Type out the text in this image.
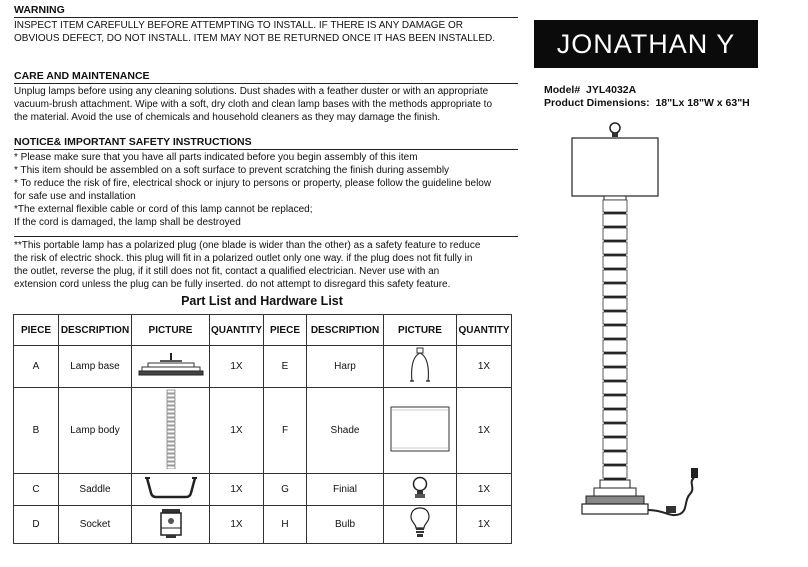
WARNING
INSPECT ITEM CAREFULLY BEFORE ATTEMPTING TO INSTALL. IF THERE IS ANY DAMAGE OR
OBVIOUS DEFECT, DO NOT INSTALL. ITEM MAY NOT BE RETURNED ONCE IT HAS BEEN INSTALLED.
CARE AND MAINTENANCE
Unplug lamps before using any cleaning solutions. Dust shades with a feather duster or with an appropriate
vacuum-brush attachment. Wipe with a soft, dry cloth and clean lamp bases with the methods appropriate to
the material. Avoid the use of chemicals and household cleaners as they may damage the finish.
NOTICE& IMPORTANT SAFETY INSTRUCTIONS
* Please make sure that you have all parts indicated before you begin assembly of this item
* This item should be assembled on a soft surface to prevent scratching the finish during assembly
* To reduce the risk of fire, electrical shock or injury to persons or property, please follow the guideline below
for safe use and installation
*The external flexible cable or cord of this lamp cannot be replaced;
If the cord is damaged, the lamp shall be destroyed
**This portable lamp has a polarized plug (one blade is wider than the other) as a safety feature to reduce
the risk of electric shock. this plug will fit in a polarized outlet only one way. if the plug does not fit fully in
the outlet, reverse the plug, if it still does not fit, contact a qualified electrician. Never use with an
extension cord unless the plug can be fully inserted. do not attempt to disregard this safety feature.
Part List and Hardware List
PIECE	DESCRIPTION	PICTURE	QUANTITY	PIECE	DESCRIPTION	PICTURE	QUANTITY
A	Lamp base		1X	E	Harp		1X
B	Lamp body		1X	F	Shade		1X
C	Saddle		1X	G	Finial		1X
D	Socket		1X	H	Bulb		1X
JONATHAN Y
Model# JYL4032A
Product Dimensions: 18"Lx 18"W x 63"H
